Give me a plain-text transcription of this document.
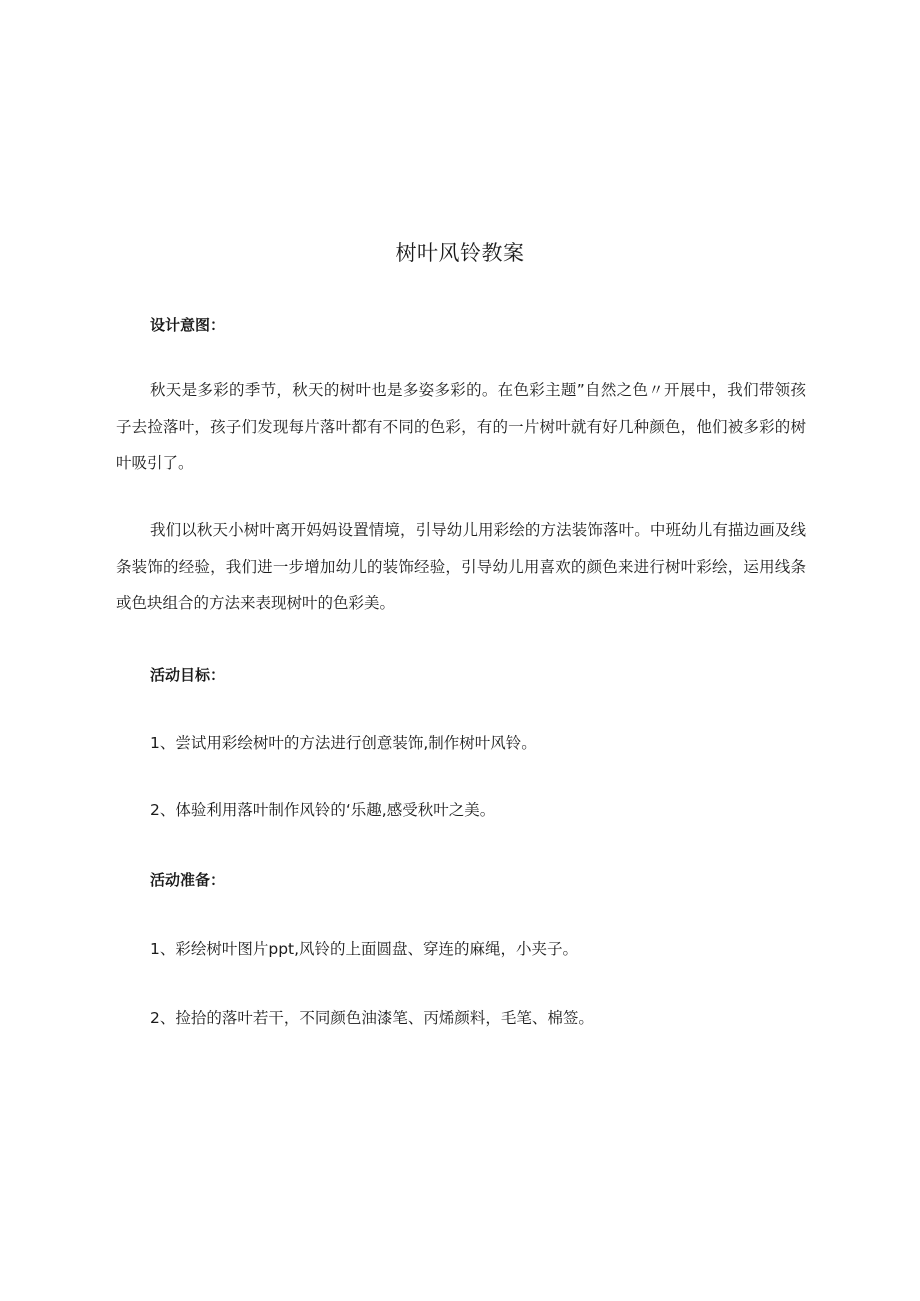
树叶风铃教案
设计意图：

秋天是多彩的季节，秋天的树叶也是多姿多彩的。在色彩主题”自然之色〃开展中，我们带领孩子去捡落叶，孩子们发现每片落叶都有不同的色彩，有的一片树叶就有好几种颜色，他们被多彩的树叶吸引了。

我们以秋天小树叶离开妈妈设置情境，引导幼儿用彩绘的方法装饰落叶。中班幼儿有描边画及线条装饰的经验，我们进一步增加幼儿的装饰经验，引导幼儿用喜欢的颜色来进行树叶彩绘，运用线条或色块组合的方法来表现树叶的色彩美。

活动目标：
1、尝试用彩绘树叶的方法进行创意装饰,制作树叶风铃。
2、体验利用落叶制作风铃的‘乐趣,感受秋叶之美。
活动准备：
1、彩绘树叶图片ppt,风铃的上面圆盘、穿连的麻绳，小夹子。
2、捡拾的落叶若干，不同颜色油漆笔、丙烯颜料，毛笔、棉签。
